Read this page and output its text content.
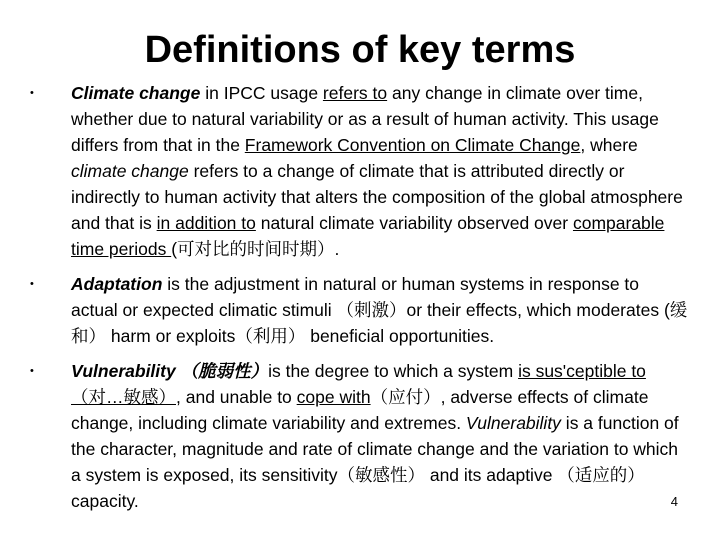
Definitions of key terms
•	Climate change in IPCC usage refers to any change in climate over time, whether due to natural variability or as a result of human activity. This usage differs from that in the Framework Convention on Climate Change, where climate change refers to a change of climate that is attributed directly or indirectly to human activity that alters the composition of the global atmosphere and that is in addition to natural climate variability observed over comparable time periods (可对比的时间时期）.
•	Adaptation is the adjustment in natural or human systems in response to actual or expected climatic stimuli （刺激）or their effects, which moderates (缓和） harm or exploits（利用） beneficial opportunities.
•	Vulnerability （脆弱性）is the degree to which a system is sus'ceptible to （对…敏感）, and unable to cope with（应付）, adverse effects of climate change, including climate variability and extremes. Vulnerability is a function of the character, magnitude and rate of climate change and the variation to which a system is exposed, its sensitivity（敏感性） and its adaptive （适应的）capacity.	4
